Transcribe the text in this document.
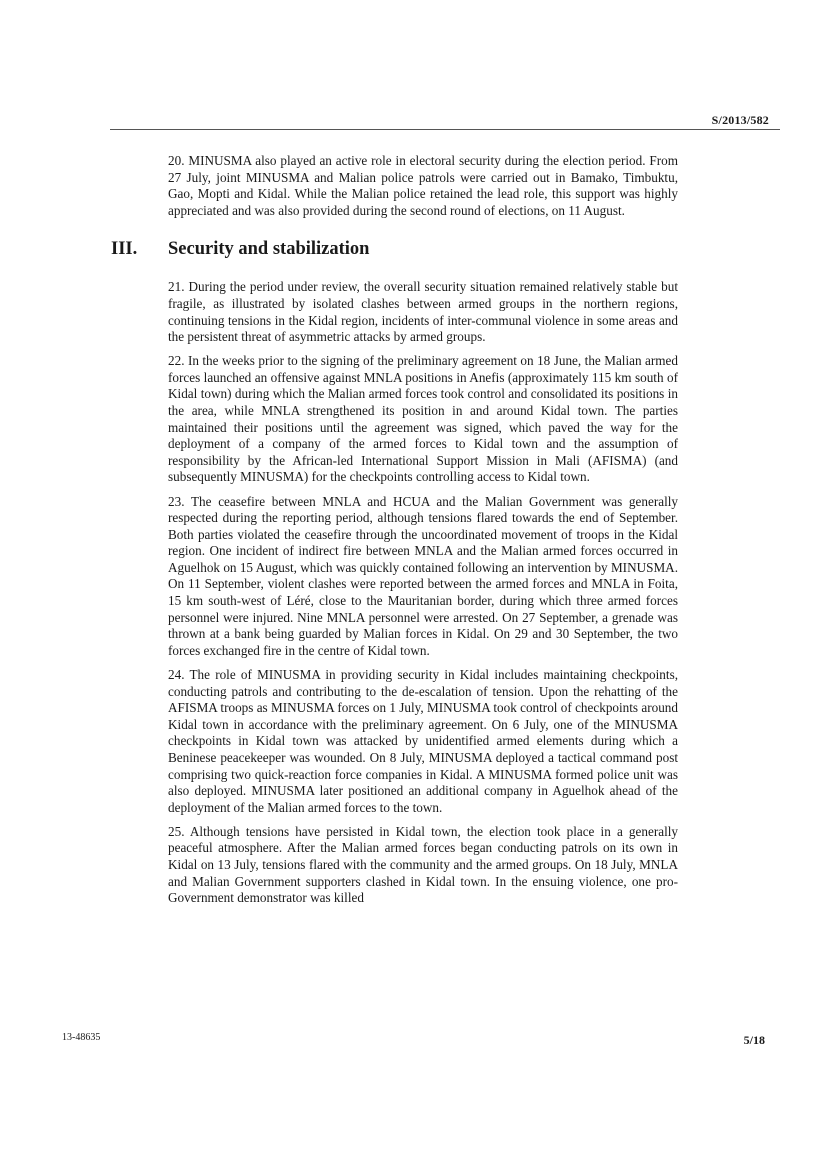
S/2013/582

20. MINUSMA also played an active role in electoral security during the election period. From 27 July, joint MINUSMA and Malian police patrols were carried out in Bamako, Timbuktu, Gao, Mopti and Kidal. While the Malian police retained the lead role, this support was highly appreciated and was also provided during the second round of elections, on 11 August.

III. Security and stabilization

21. During the period under review, the overall security situation remained relatively stable but fragile, as illustrated by isolated clashes between armed groups in the northern regions, continuing tensions in the Kidal region, incidents of inter-communal violence in some areas and the persistent threat of asymmetric attacks by armed groups.

22. In the weeks prior to the signing of the preliminary agreement on 18 June, the Malian armed forces launched an offensive against MNLA positions in Anefis (approximately 115 km south of Kidal town) during which the Malian armed forces took control and consolidated its positions in the area, while MNLA strengthened its position in and around Kidal town. The parties maintained their positions until the agreement was signed, which paved the way for the deployment of a company of the armed forces to Kidal town and the assumption of responsibility by the African-led International Support Mission in Mali (AFISMA) (and subsequently MINUSMA) for the checkpoints controlling access to Kidal town.

23. The ceasefire between MNLA and HCUA and the Malian Government was generally respected during the reporting period, although tensions flared towards the end of September. Both parties violated the ceasefire through the uncoordinated movement of troops in the Kidal region. One incident of indirect fire between MNLA and the Malian armed forces occurred in Aguelhok on 15 August, which was quickly contained following an intervention by MINUSMA. On 11 September, violent clashes were reported between the armed forces and MNLA in Foita, 15 km south-west of Léré, close to the Mauritanian border, during which three armed forces personnel were injured. Nine MNLA personnel were arrested. On 27 September, a grenade was thrown at a bank being guarded by Malian forces in Kidal. On 29 and 30 September, the two forces exchanged fire in the centre of Kidal town.

24. The role of MINUSMA in providing security in Kidal includes maintaining checkpoints, conducting patrols and contributing to the de-escalation of tension. Upon the rehatting of the AFISMA troops as MINUSMA forces on 1 July, MINUSMA took control of checkpoints around Kidal town in accordance with the preliminary agreement. On 6 July, one of the MINUSMA checkpoints in Kidal town was attacked by unidentified armed elements during which a Beninese peacekeeper was wounded. On 8 July, MINUSMA deployed a tactical command post comprising two quick-reaction force companies in Kidal. A MINUSMA formed police unit was also deployed. MINUSMA later positioned an additional company in Aguelhok ahead of the deployment of the Malian armed forces to the town.

25. Although tensions have persisted in Kidal town, the election took place in a generally peaceful atmosphere. After the Malian armed forces began conducting patrols on its own in Kidal on 13 July, tensions flared with the community and the armed groups. On 18 July, MNLA and Malian Government supporters clashed in Kidal town. In the ensuing violence, one pro-Government demonstrator was killed

13-48635	5/18
